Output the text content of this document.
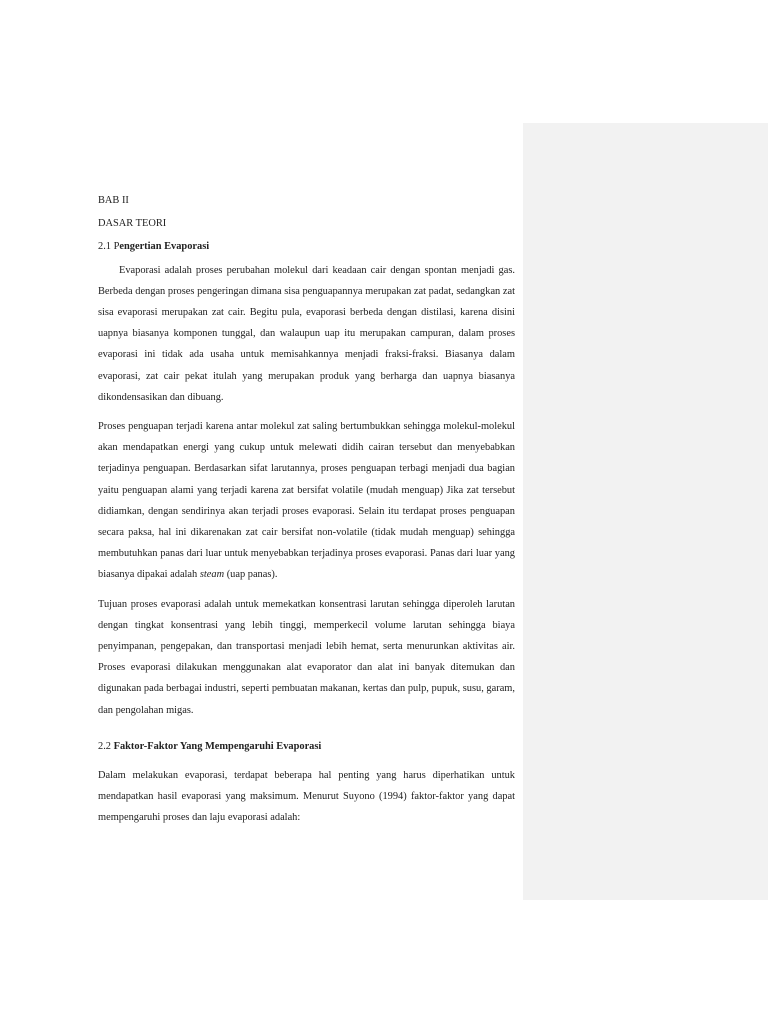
BAB II

DASAR TEORI

2.1 Pengertian Evaporasi

Evaporasi adalah proses perubahan molekul dari keadaan cair dengan spontan menjadi gas. Berbeda dengan proses pengeringan dimana sisa penguapannya merupakan zat padat, sedangkan zat sisa evaporasi merupakan zat cair. Begitu pula, evaporasi berbeda dengan distilasi, karena disini uapnya biasanya komponen tunggal, dan walaupun uap itu merupakan campuran, dalam proses evaporasi ini tidak ada usaha untuk memisahkannya menjadi fraksi-fraksi. Biasanya dalam evaporasi, zat cair pekat itulah yang merupakan produk yang berharga dan uapnya biasanya dikondensasikan dan dibuang.

Proses penguapan terjadi karena antar molekul zat saling bertumbukkan sehingga molekul-molekul akan mendapatkan energi yang cukup untuk melewati didih cairan tersebut dan menyebabkan terjadinya penguapan. Berdasarkan sifat larutannya, proses penguapan terbagi menjadi dua bagian yaitu penguapan alami yang terjadi karena zat bersifat volatile (mudah menguap) Jika zat tersebut didiamkan, dengan sendirinya akan terjadi proses evaporasi. Selain itu terdapat proses penguapan secara paksa, hal ini dikarenakan zat cair bersifat non-volatile (tidak mudah menguap) sehingga membutuhkan panas dari luar untuk menyebabkan terjadinya proses evaporasi. Panas dari luar yang biasanya dipakai adalah steam (uap panas).

Tujuan proses evaporasi adalah untuk memekatkan konsentrasi larutan sehingga diperoleh larutan dengan tingkat konsentrasi yang lebih tinggi, memperkecil volume larutan sehingga biaya penyimpanan, pengepakan, dan transportasi menjadi lebih hemat, serta menurunkan aktivitas air. Proses evaporasi dilakukan menggunakan alat evaporator dan alat ini banyak ditemukan dan digunakan pada berbagai industri, seperti pembuatan makanan, kertas dan pulp, pupuk, susu, garam, dan pengolahan migas.

2.2 Faktor-Faktor Yang Mempengaruhi Evaporasi

Dalam melakukan evaporasi, terdapat beberapa hal penting yang harus diperhatikan untuk mendapatkan hasil evaporasi yang maksimum. Menurut Suyono (1994) faktor-faktor yang dapat mempengaruhi proses dan laju evaporasi adalah:
